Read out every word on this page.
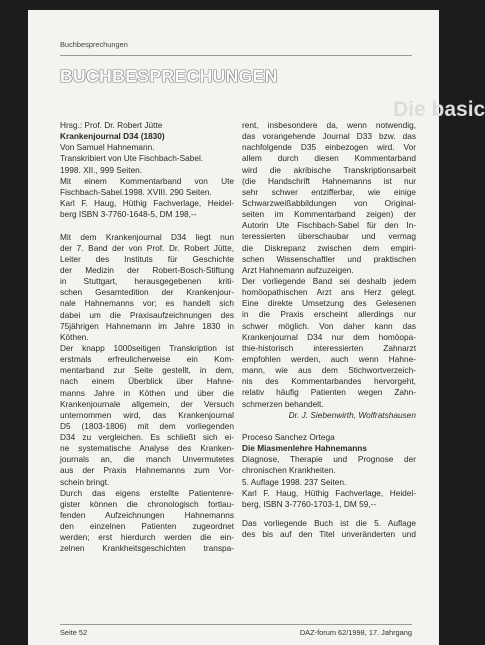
Die basic
Buchbesprechungen
BUCHBESPRECHUNGEN
Hrsg.: Prof. Dr. Robert Jütte
Krankenjournal D34 (1830)
Von Samuel Hahnemann.
Transkribiert von Ute Fischbach-Sabel.
1998. XII., 999 Seiten.
Mit einem Kommentarband von Ute
Fischbach-Sabel.1998. XVIII. 290 Seiten.
Karl F. Haug, Hüthig Fachverlage, Heidel-
berg ISBN 3-7760-1648-5, DM 198,--
Mit dem Krankenjournal D34 liegt nun
der 7. Band der von Prof. Dr. Robert Jütte,
Leiter des Instituts für Geschichte
der Medizin der Robert-Bosch-Stiftung
in Stuttgart, herausgegebenen kriti-
schen Gesamtedition der Krankenjour-
nale Hahnemanns vor; es handelt sich
dabei um die Praxisaufzeichnungen des
75jährigen Hahnemann im Jahre 1830 in
Köthen.
Der knapp 1000seitigen Transkription ist
erstmals erfreulicherweise ein Kom-
mentarband zur Seite gestellt, in dem,
nach einem Überblick über Hahne-
manns Jahre in Köthen und über die
Krankenjournale allgemein, der Versuch
unternommen wird, das Krankenjournal
D5 (1803-1806) mit dem vorliegenden
D34 zu vergleichen. Es schließt sich ei-
ne systematische Analyse des Kranken-
journals an, die manch Unvermutetes
aus der Praxis Hahnemanns zum Vor-
schein bringt.
Durch das eigens erstellte Patientenre-
gister können die chronologisch fortlau-
fenden Aufzeichnungen Hahnemanns
den einzelnen Patienten zugeordnet
werden; erst hierdurch werden die ein-
zelnen Krankheitsgeschichten transpa-
rent, insbesondere da, wenn notwendig,
das vorangehende Journal D33 bzw. das
nachfolgende D35 einbezogen wird. Vor
allem durch diesen Kommentarband
wird die akribische Transkriptionsarbeit
(die Handschrift Hahnemanns ist nur
sehr schwer entzifferbar, wie einige
Schwarzweißabbildungen von Original-
seiten im Kommentarband zeigen) der
Autorin Ute Fischbach-Sabel für den In-
teressierten überschaubar und vermag
die Diskrepanz zwischen dem empiri-
schen Wissenschaftler und praktischen
Arzt Hahnemann aufzuzeigen.
Der vorliegende Band sei deshalb jedem
homöopathischen Arzt ans Herz gelegt.
Eine direkte Umsetzung des Gelesenen
in die Praxis erscheint allerdings nur
schwer möglich. Von daher kann das
Krankenjournal D34 nur dem homöopa-
thie-historisch interessierten Zahnarzt
empfohlen werden, auch wenn Hahne-
mann, wie aus dem Stichwortverzeich-
nis des Kommentarbandes hervorgeht,
relativ häufig Patienten wegen Zahn-
schmerzen behandelt.
Dr. J. Siebenwirth, Wolfratshausen
Proceso Sanchez Ortega
Die Miasmenlehre Hahnemanns
Diagnose, Therapie und Prognose der
chronischen Krankheiten.
5. Auflage 1998. 237 Seiten.
Karl F. Haug, Hüthig Fachverlage, Heidel-
berg, ISBN 3-7760-1703-1, DM 59,--
Das vorliegende Buch ist die 5. Auflage
des bis auf den Titel unveränderten und
Seite 52	DAZ-forum 62/1998, 17. Jahrgang
